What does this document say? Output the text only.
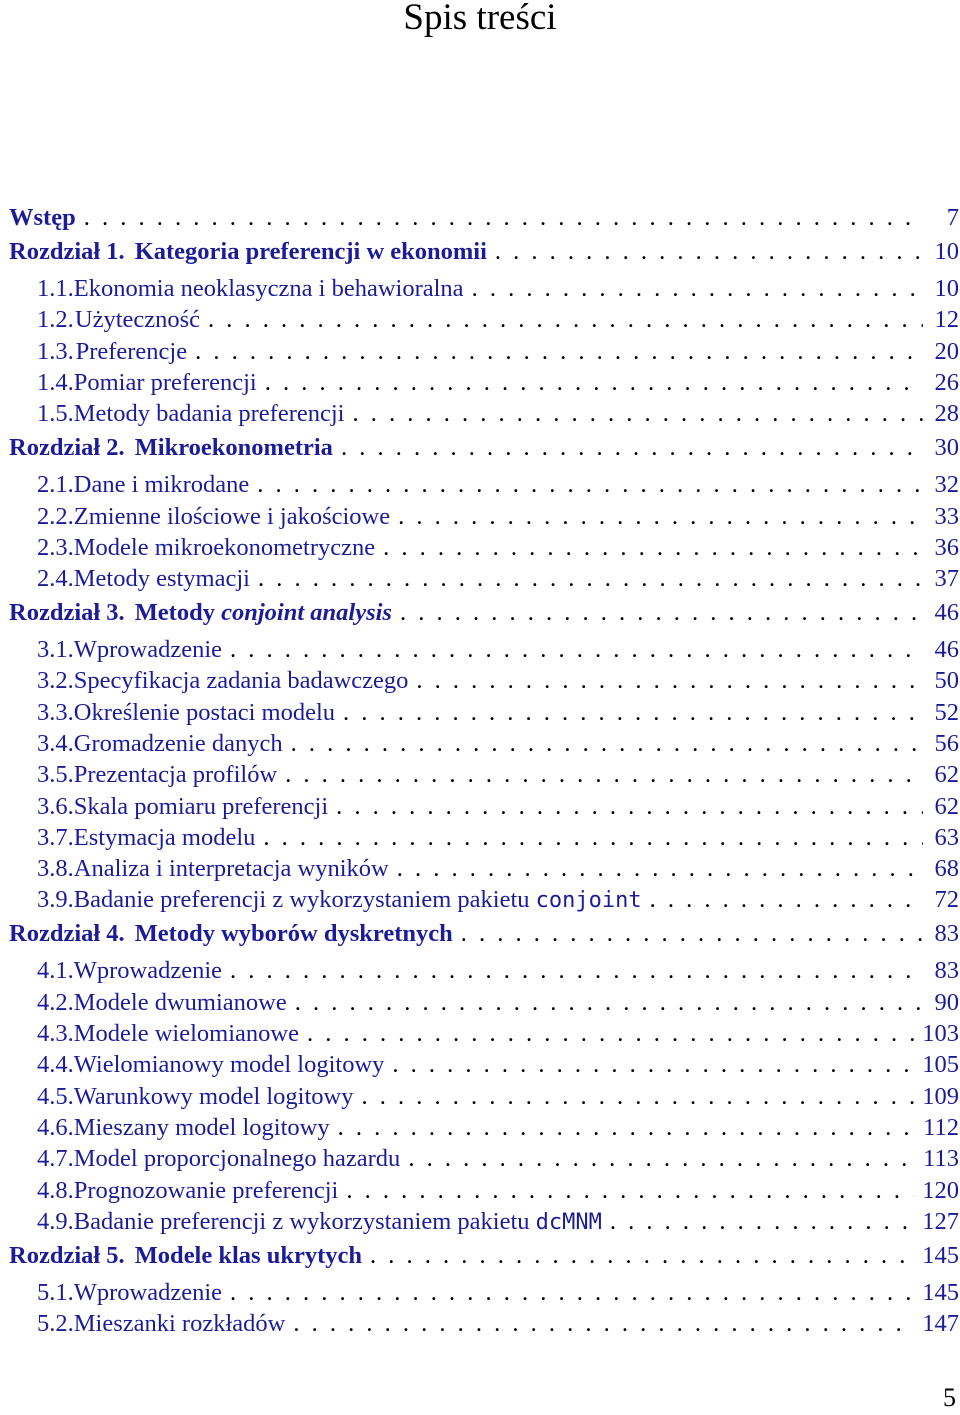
Spis treści
Wstęp . . .	7
Rozdział 1. Kategoria preferencji w ekonomii . . .	10
1.1. Ekonomia neoklasyczna i behawioralna . . .	10
1.2. Użyteczność . . .	12
1.3. Preferencje . . .	20
1.4. Pomiar preferencji . . .	26
1.5. Metody badania preferencji . . .	28
Rozdział 2. Mikroekonometria . . .	30
2.1. Dane i mikrodane . . .	32
2.2. Zmienne ilościowe i jakościowe . . .	33
2.3. Modele mikroekonometryczne . . .	36
2.4. Metody estymacji . . .	37
Rozdział 3. Metody conjoint analysis . . .	46
3.1. Wprowadzenie . . .	46
3.2. Specyfikacja zadania badawczego . . .	50
3.3. Określenie postaci modelu . . .	52
3.4. Gromadzenie danych . . .	56
3.5. Prezentacja profilów . . .	62
3.6. Skala pomiaru preferencji . . .	62
3.7. Estymacja modelu . . .	63
3.8. Analiza i interpretacja wyników . . .	68
3.9. Badanie preferencji z wykorzystaniem pakietu conjoint . . .	72
Rozdział 4. Metody wyborów dyskretnych . . .	83
4.1. Wprowadzenie . . .	83
4.2. Modele dwumianowe . . .	90
4.3. Modele wielomianowe . . .	103
4.4. Wielomianowy model logitowy . . .	105
4.5. Warunkowy model logitowy . . .	109
4.6. Mieszany model logitowy . . .	112
4.7. Model proporcjonalnego hazardu . . .	113
4.8. Prognozowanie preferencji . . .	120
4.9. Badanie preferencji z wykorzystaniem pakietu dcMNM . . .	127
Rozdział 5. Modele klas ukrytych . . .	145
5.1. Wprowadzenie . . .	145
5.2. Mieszanki rozkładów . . .	147
5
